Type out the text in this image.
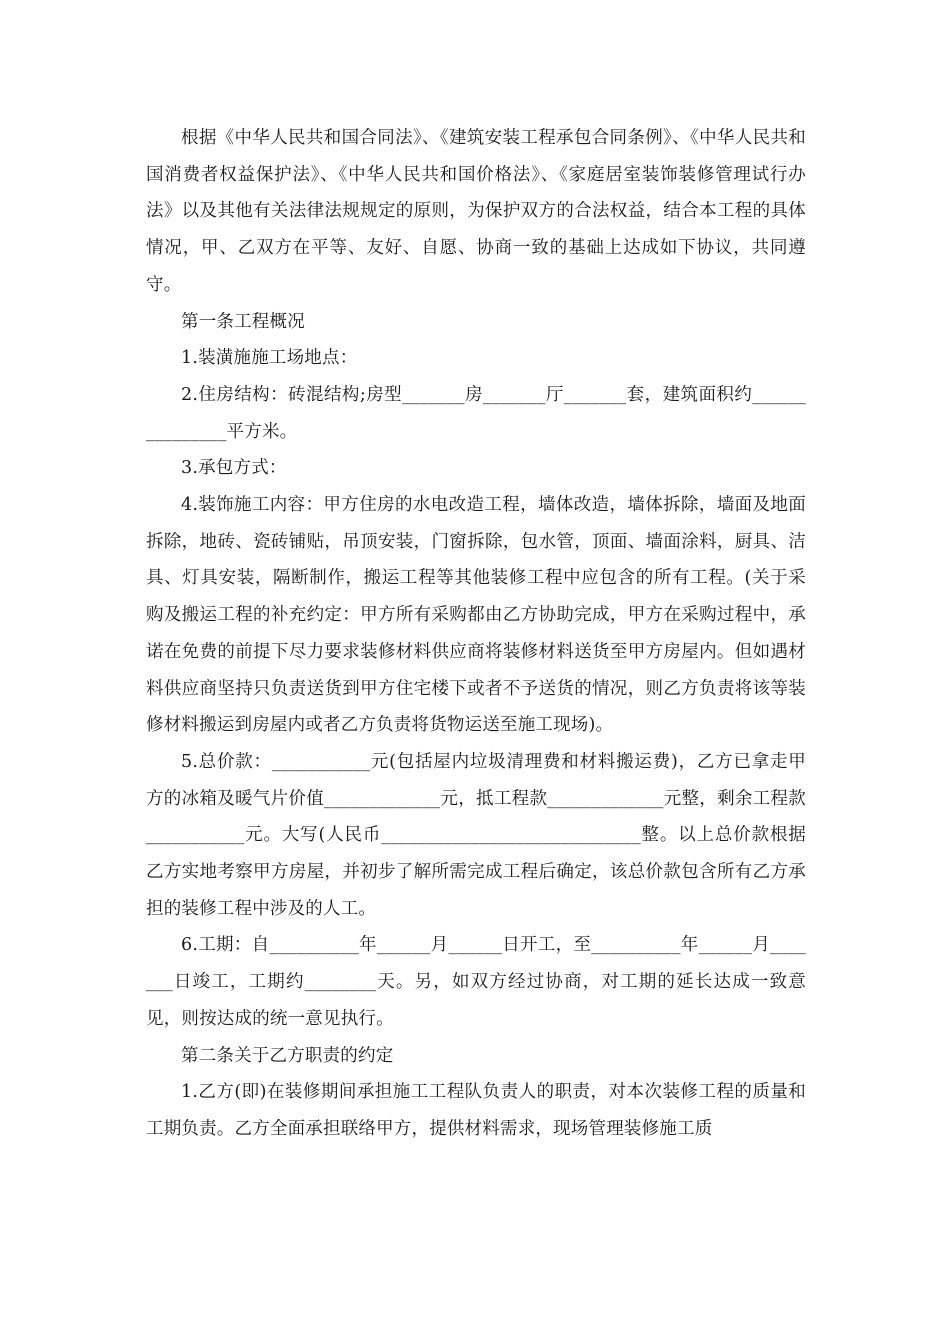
根据《中华人民共和国合同法》、《建筑安装工程承包合同条例》、《中华人民共和国消费者权益保护法》、《中华人民共和国价格法》、《家庭居室装饰装修管理试行办法》以及其他有关法律法规规定的原则，为保护双方的合法权益，结合本工程的具体情况，甲、乙双方在平等、友好、自愿、协商一致的基础上达成如下协议，共同遵守。

第一条工程概况

1.装潢施施工场地点：

2.住房结构：砖混结构;房型_______房_______厅_______套，建筑面积约_______________平方米。

3.承包方式：

4.装饰施工内容：甲方住房的水电改造工程，墙体改造，墙体拆除，墙面及地面拆除，地砖、瓷砖铺贴，吊顶安装，门窗拆除，包水管，顶面、墙面涂料，厨具、洁具、灯具安装，隔断制作，搬运工程等其他装修工程中应包含的所有工程。(关于采购及搬运工程的补充约定：甲方所有采购都由乙方协助完成，甲方在采购过程中，承诺在免费的前提下尽力要求装修材料供应商将装修材料送货至甲方房屋内。但如遇材料供应商坚持只负责送货到甲方住宅楼下或者不予送货的情况，则乙方负责将该等装修材料搬运到房屋内或者乙方负责将货物运送至施工现场)。

5.总价款：___________元(包括屋内垃圾清理费和材料搬运费)，乙方已拿走甲方的冰箱及暖气片价值_____________元，抵工程款_____________元整，剩余工程款___________元。大写(人民币_____________________________整。以上总价款根据乙方实地考察甲方房屋，并初步了解所需完成工程后确定，该总价款包含所有乙方承担的装修工程中涉及的人工。

6.工期：自__________年______月______日开工，至__________年______月_______日竣工，工期约________天。另，如双方经过协商，对工期的延长达成一致意见，则按达成的统一意见执行。

第二条关于乙方职责的约定

1.乙方(即)在装修期间承担施工工程队负责人的职责，对本次装修工程的质量和工期负责。乙方全面承担联络甲方，提供材料需求，现场管理装修施工质
